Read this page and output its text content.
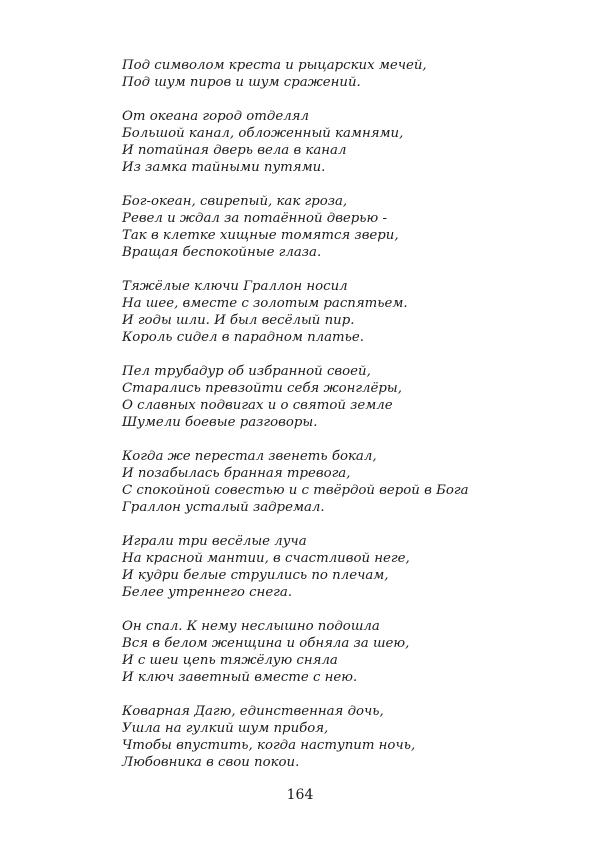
Под символом креста и рыцарских мечей,
Под шум пиров и шум сражений.
От океана город отделял
Большой канал, обложенный камнями,
И потайная дверь вела в канал
Из замка тайными путями.
Бог-океан, свирепый, как гроза,
Ревел и ждал за потаённой дверью -
Так в клетке хищные томятся звери,
Вращая беспокойные глаза.
Тяжёлые ключи Граллон носил
На шее, вместе с золотым распятьем.
И годы шли. И был весёлый пир.
Король сидел в парадном платье.
Пел трубадур об избранной своей,
Старались превзойти себя жонглёры,
О славных подвигах и о святой земле
Шумели боевые разговоры.
Когда же перестал звенеть бокал,
И позабылась бранная тревога,
С спокойной совестью и с твёрдой верой в Бога
Граллон усталый задремал.
Играли три весёлые луча
На красной мантии, в счастливой неге,
И кудри белые струились по плечам,
Белее утреннего снега.
Он спал. К нему неслышно подошла
Вся в белом женщина и обняла за шею,
И с шеи цепь тяжёлую сняла
И ключ заветный вместе с нею.
Коварная Дагю, единственная дочь,
Ушла на гулкий шум прибоя,
Чтобы впустить, когда наступит ночь,
Любовника в свои покои.
164
